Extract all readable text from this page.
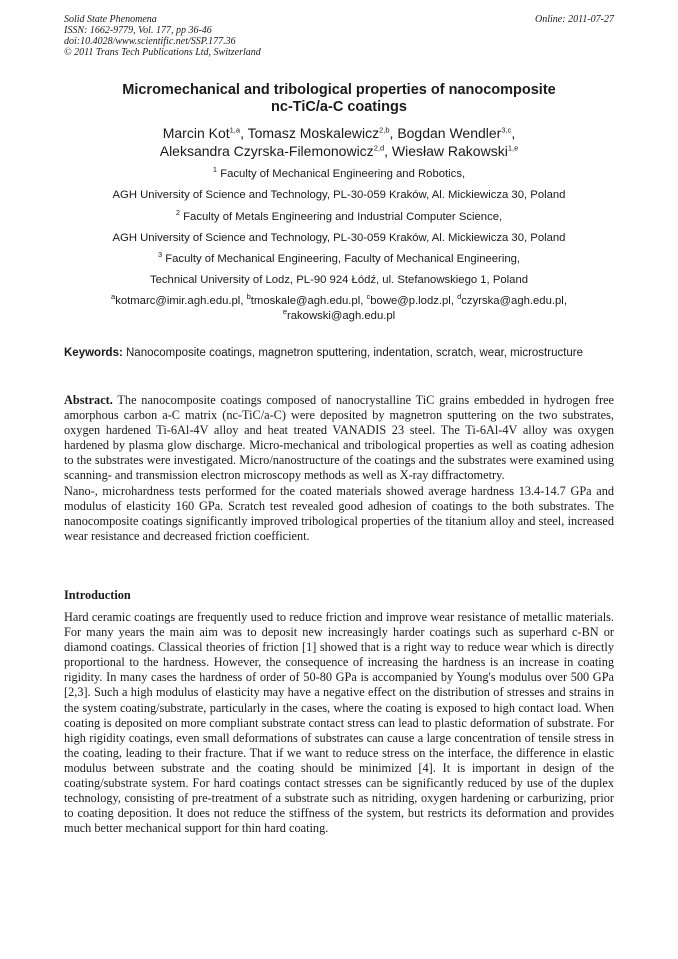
Solid State Phenomena
ISSN: 1662-9779, Vol. 177, pp 36-46
doi:10.4028/www.scientific.net/SSP.177.36
© 2011 Trans Tech Publications Ltd, Switzerland
Online: 2011-07-27
Micromechanical and tribological properties of nanocomposite
nc-TiC/a-C coatings
Marcin Kot$^{1,a}$, Tomasz Moskalewicz$^{2,b}$, Bogdan Wendler$^{3,c}$,
Aleksandra Czyrska-Filemonowicz$^{2,d}$, Wiesław Rakowski$^{1,e}$
$^1$ Faculty of Mechanical Engineering and Robotics,
AGH University of Science and Technology, PL-30-059 Kraków, Al. Mickiewicza 30, Poland
$^2$ Faculty of Metals Engineering and Industrial Computer Science,
AGH University of Science and Technology, PL-30-059 Kraków, Al. Mickiewicza 30, Poland
$^3$ Faculty of Mechanical Engineering, Faculty of Mechanical Engineering,
Technical University of Lodz, PL-90 924 Łódź, ul. Stefanowskiego 1, Poland
$^a$kotmarc@imir.agh.edu.pl, $^b$tmoskale@agh.edu.pl, $^c$bowe@p.lodz.pl, $^d$czyrska@agh.edu.pl,
$^e$rakowski@agh.edu.pl
Keywords: Nanocomposite coatings, magnetron sputtering, indentation, scratch, wear, microstructure

Abstract. The nanocomposite coatings composed of nanocrystalline TiC grains embedded in hydrogen free amorphous carbon a-C matrix (nc-TiC/a-C) were deposited by magnetron sputtering on the two substrates, oxygen hardened Ti-6Al-4V alloy and heat treated VANADIS 23 steel. The Ti-6Al-4V alloy was oxygen hardened by plasma glow discharge. Micro-mechanical and tribological properties as well as coating adhesion to the substrates were investigated. Micro/nanostructure of the coatings and the substrates were examined using scanning- and transmission electron microscopy methods as well as X-ray diffractometry.

Nano-, microhardness tests performed for the coated materials showed average hardness 13.4-14.7 GPa and modulus of elasticity 160 GPa. Scratch test revealed good adhesion of coatings to the both substrates. The nanocomposite coatings significantly improved tribological properties of the titanium alloy and steel, increased wear resistance and decreased friction coefficient.

Introduction

Hard ceramic coatings are frequently used to reduce friction and improve wear resistance of metallic materials. For many years the main aim was to deposit new increasingly harder coatings such as superhard c-BN or diamond coatings. Classical theories of friction [1] showed that is a right way to reduce wear which is directly proportional to the hardness. However, the consequence of increasing the hardness is an increase in coating rigidity. In many cases the hardness of order of 50-80 GPa is accompanied by Young's modulus over 500 GPa [2,3]. Such a high modulus of elasticity may have a negative effect on the distribution of stresses and strains in the system coating/substrate, particularly in the cases, where the coating is exposed to high contact load. When coating is deposited on more compliant substrate contact stress can lead to plastic deformation of substrate. For high rigidity coatings, even small deformations of substrates can cause a large concentration of tensile stress in the coating, leading to their fracture. That if we want to reduce stress on the interface, the difference in elastic modulus between substrate and the coating should be minimized [4]. It is important in design of the coating/substrate system. For hard coatings contact stresses can be significantly reduced by use of the duplex technology, consisting of pre-treatment of a substrate such as nitriding, oxygen hardening or carburizing, prior to coating deposition. It does not reduce the stiffness of the system, but restricts its deformation and provides much better mechanical support for thin hard coating.
